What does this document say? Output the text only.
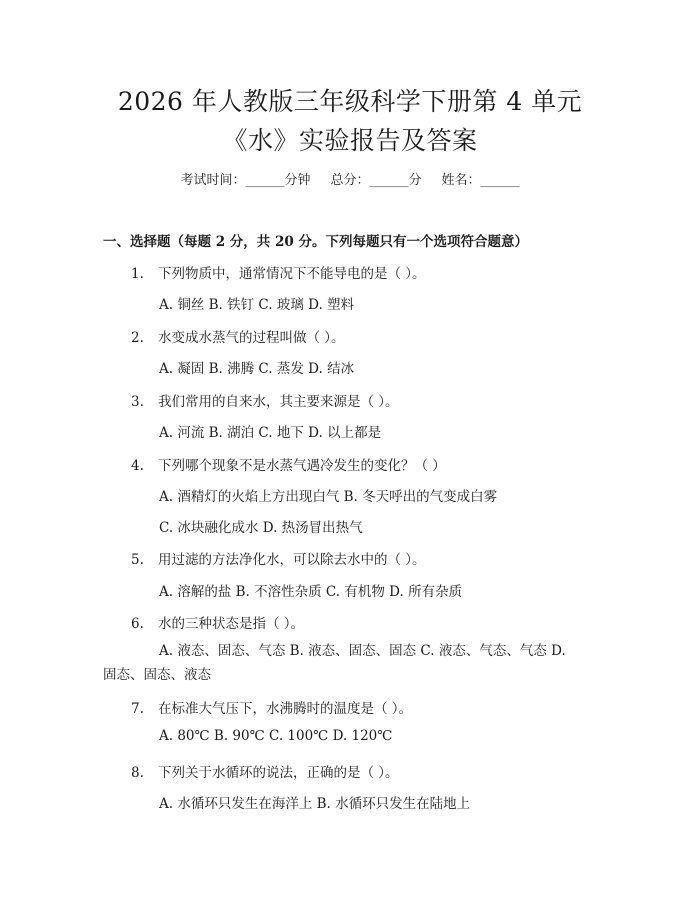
2026 年人教版三年级科学下册第 4 单元
《水》实验报告及答案
考试时间：______分钟 总分：______分 姓名：______
一、选择题（每题 2 分，共 20 分。下列每题只有一个选项符合题意）
1. 下列物质中，通常情况下不能导电的是（ ）。
A. 铜丝 B. 铁钉 C. 玻璃 D. 塑料
2. 水变成水蒸气的过程叫做（ ）。
A. 凝固 B. 沸腾 C. 蒸发 D. 结冰
3. 我们常用的自来水，其主要来源是（ ）。
A. 河流 B. 湖泊 C. 地下 D. 以上都是
4. 下列哪个现象不是水蒸气遇冷发生的变化？（ ）
A. 酒精灯的火焰上方出现白气 B. 冬天呼出的气变成白雾
C. 冰块融化成水 D. 热汤冒出热气
5. 用过滤的方法净化水，可以除去水中的（ ）。
A. 溶解的盐 B. 不溶性杂质 C. 有机物 D. 所有杂质
6. 水的三种状态是指（ ）。
A. 液态、固态、气态 B. 液态、固态、固态 C. 液态、气态、气态 D. 固态、固态、液态
7. 在标准大气压下，水沸腾时的温度是（ ）。
A. 80℃ B. 90℃ C. 100℃ D. 120℃
8. 下列关于水循环的说法，正确的是（ ）。
A. 水循环只发生在海洋上 B. 水循环只发生在陆地上
